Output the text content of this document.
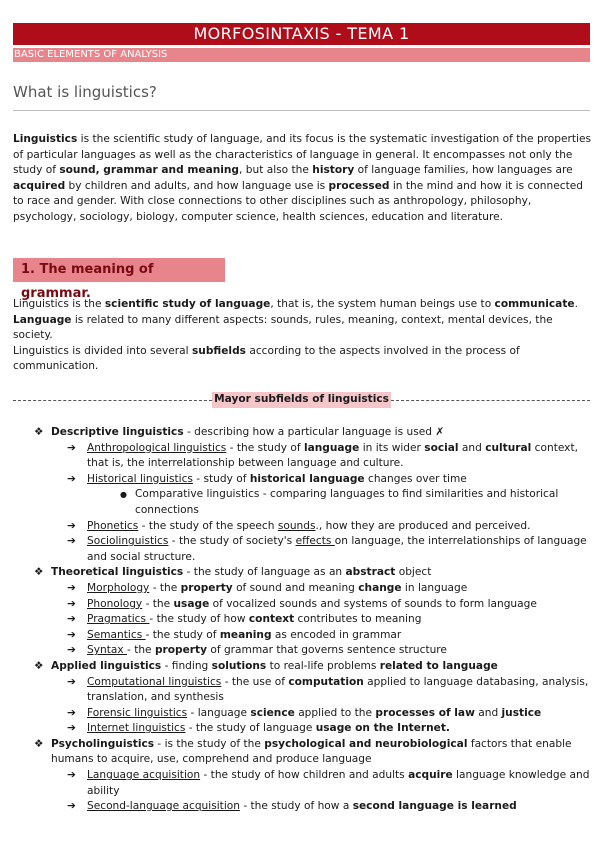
MORFOSINTAXIS - TEMA 1
BASIC ELEMENTS OF ANALYSIS
What is linguistics?
Linguistics is the scientific study of language, and its focus is the systematic investigation of the properties of particular languages as well as the characteristics of language in general. It encompasses not only the study of sound, grammar and meaning, but also the history of language families, how languages are acquired by children and adults, and how language use is processed in the mind and how it is connected to race and gender. With close connections to other disciplines such as anthropology, philosophy, psychology, sociology, biology, computer science, health sciences, education and literature.
1. The meaning of grammar.
Linguistics is the scientific study of language, that is, the system human beings use to communicate.
Language is related to many different aspects: sounds, rules, meaning, context, mental devices, the society.
Linguistics is divided into several subfields according to the aspects involved in the process of communication.
Mayor subfields of linguistics
❖ Descriptive linguistics - describing how a particular language is used ✗
➔ Anthropological linguistics - the study of language in its wider social and cultural context, that is, the interrelationship between language and culture.
➔ Historical linguistics - study of historical language changes over time
● Comparative linguistics - comparing languages to find similarities and historical connections
➔ Phonetics - the study of the speech sounds., how they are produced and perceived.
➔ Sociolinguistics - the study of society's effects on language, the interrelationships of language and social structure.
❖ Theoretical linguistics - the study of language as an abstract object
➔ Morphology - the property of sound and meaning change in language
➔ Phonology - the usage of vocalized sounds and systems of sounds to form language
➔ Pragmatics - the study of how context contributes to meaning
➔ Semantics - the study of meaning as encoded in grammar
➔ Syntax - the property of grammar that governs sentence structure
❖ Applied linguistics - finding solutions to real-life problems related to language
➔ Computational linguistics - the use of computation applied to language databasing, analysis, translation, and synthesis
➔ Forensic linguistics - language science applied to the processes of law and justice
➔ Internet linguistics - the study of language usage on the Internet.
❖ Psycholinguistics - is the study of the psychological and neurobiological factors that enable humans to acquire, use, comprehend and produce language
➔ Language acquisition - the study of how children and adults acquire language knowledge and ability
➔ Second-language acquisition - the study of how a second language is learned
